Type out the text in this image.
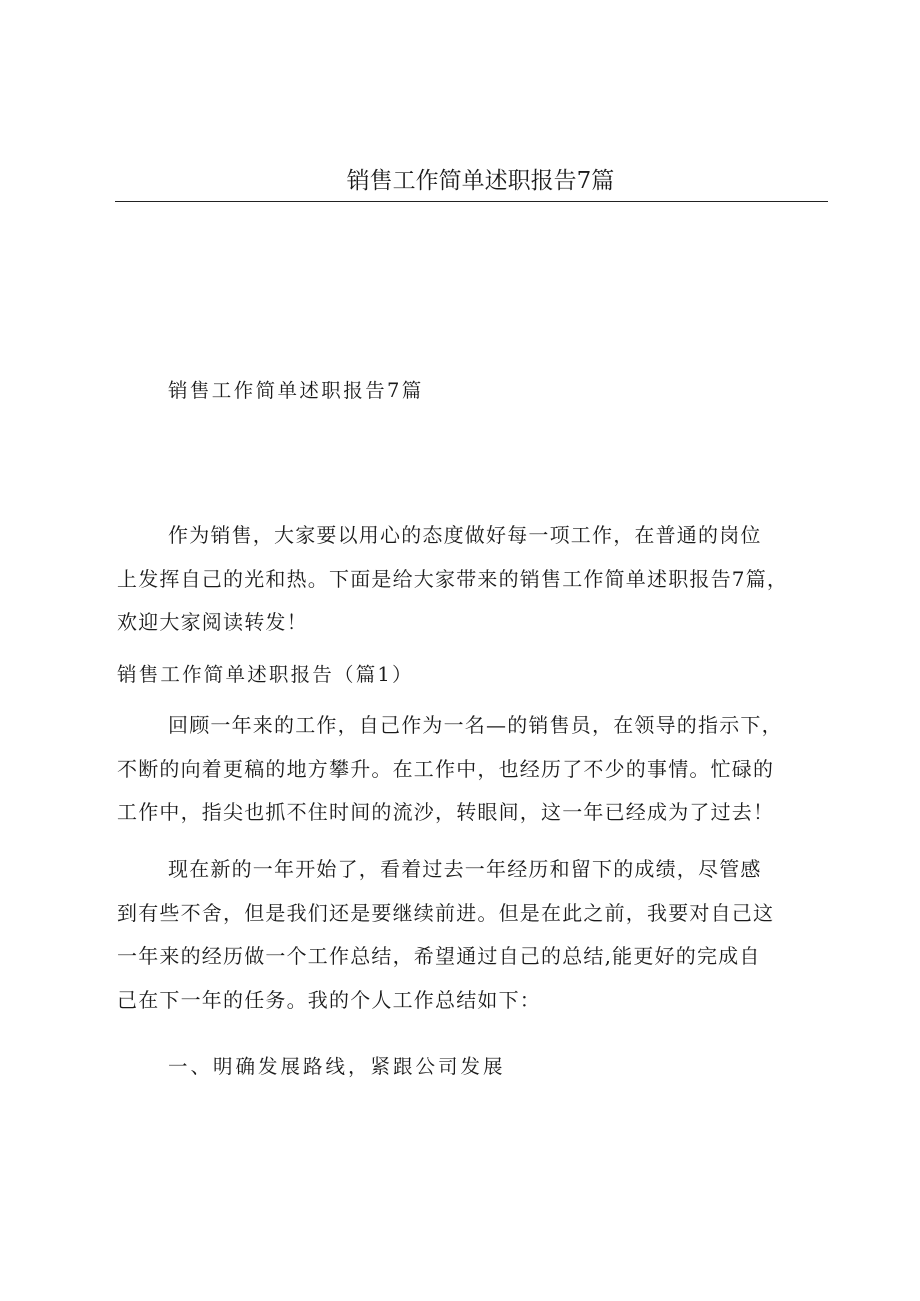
销售工作简单述职报告7篇
销售工作简单述职报告7篇

作为销售，大家要以用心的态度做好每一项工作，在普通的岗位
上发挥自己的光和热。下面是给大家带来的销售工作简单述职报告7篇，
欢迎大家阅读转发！

销售工作简单述职报告（篇1）

回顾一年来的工作，自己作为一名—的销售员，在领导的指示下，
不断的向着更稿的地方攀升。在工作中，也经历了不少的事情。忙碌的
工作中，指尖也抓不住时间的流沙，转眼间，这一年已经成为了过去！

现在新的一年开始了，看着过去一年经历和留下的成绩，尽管感
到有些不舍，但是我们还是要继续前进。但是在此之前，我要对自己这
一年来的经历做一个工作总结，希望通过自己的总结,能更好的完成自
己在下一年的任务。我的个人工作总结如下：

一、明确发展路线，紧跟公司发展
